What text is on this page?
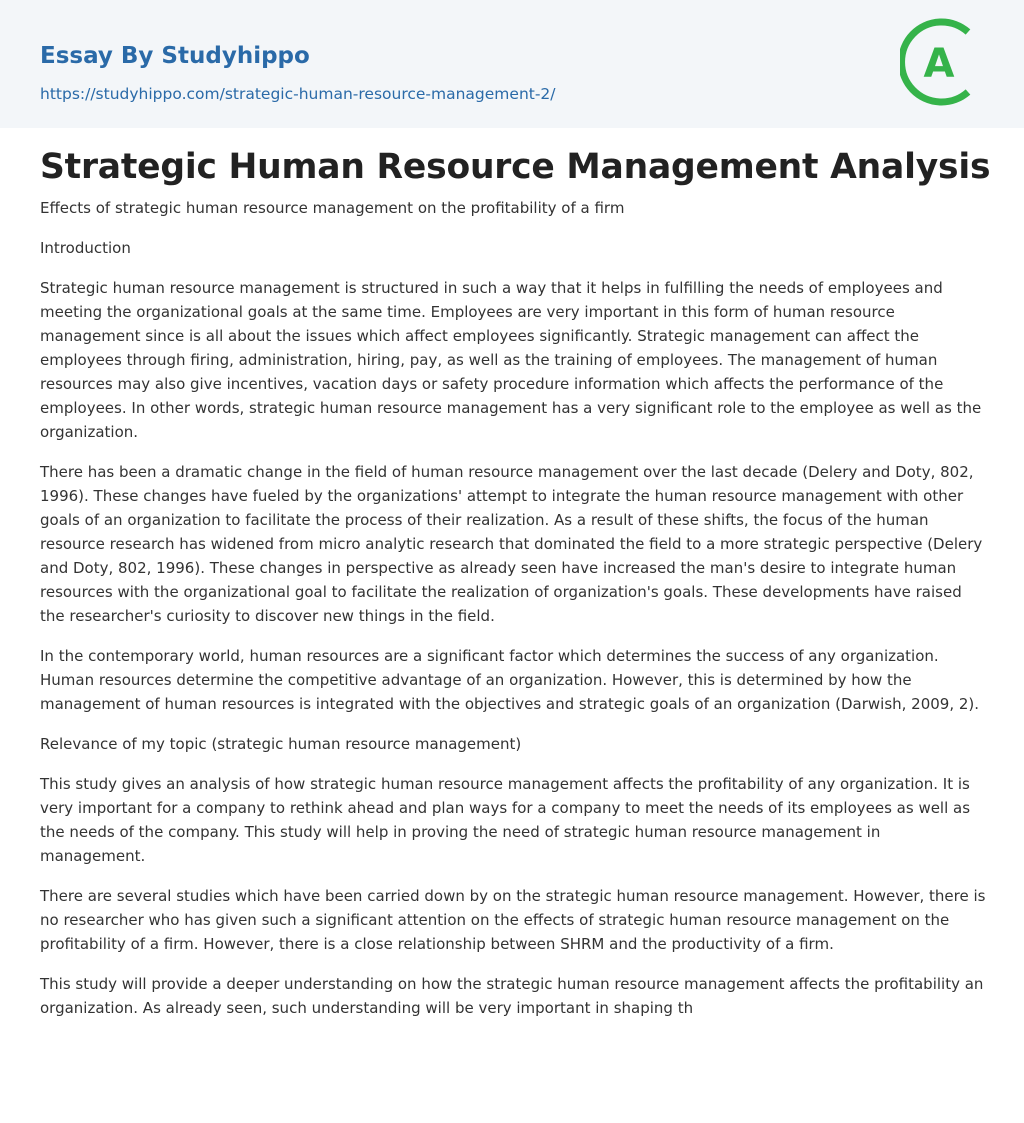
Essay By Studyhippo
https://studyhippo.com/strategic-human-resource-management-2/
A
Strategic Human Resource Management Analysis

Effects of strategic human resource management on the profitability of a firm

Introduction

Strategic human resource management is structured in such a way that it helps in fulfilling the needs of employees and meeting the organizational goals at the same time. Employees are very important in this form of human resource management since is all about the issues which affect employees significantly. Strategic management can affect the employees through firing, administration, hiring, pay, as well as the training of employees. The management of human resources may also give incentives, vacation days or safety procedure information which affects the performance of the employees. In other words, strategic human resource management has a very significant role to the employee as well as the organization.

There has been a dramatic change in the field of human resource management over the last decade (Delery and Doty, 802, 1996). These changes have fueled by the organizations' attempt to integrate the human resource management with other goals of an organization to facilitate the process of their realization. As a result of these shifts, the focus of the human resource research has widened from micro analytic research that dominated the field to a more strategic perspective (Delery and Doty, 802, 1996). These changes in perspective as already seen have increased the man's desire to integrate human resources with the organizational goal to facilitate the realization of organization's goals. These developments have raised the researcher's curiosity to discover new things in the field.

In the contemporary world, human resources are a significant factor which determines the success of any organization. Human resources determine the competitive advantage of an organization. However, this is determined by how the management of human resources is integrated with the objectives and strategic goals of an organization (Darwish, 2009, 2).

Relevance of my topic (strategic human resource management)

This study gives an analysis of how strategic human resource management affects the profitability of any organization. It is very important for a company to rethink ahead and plan ways for a company to meet the needs of its employees as well as the needs of the company. This study will help in proving the need of strategic human resource management in management.

There are several studies which have been carried down by on the strategic human resource management. However, there is no researcher who has given such a significant attention on the effects of strategic human resource management on the profitability of a firm. However, there is a close relationship between SHRM and the productivity of a firm.

This study will provide a deeper understanding on how the strategic human resource management affects the profitability an organization. As already seen, such understanding will be very important in shaping th
